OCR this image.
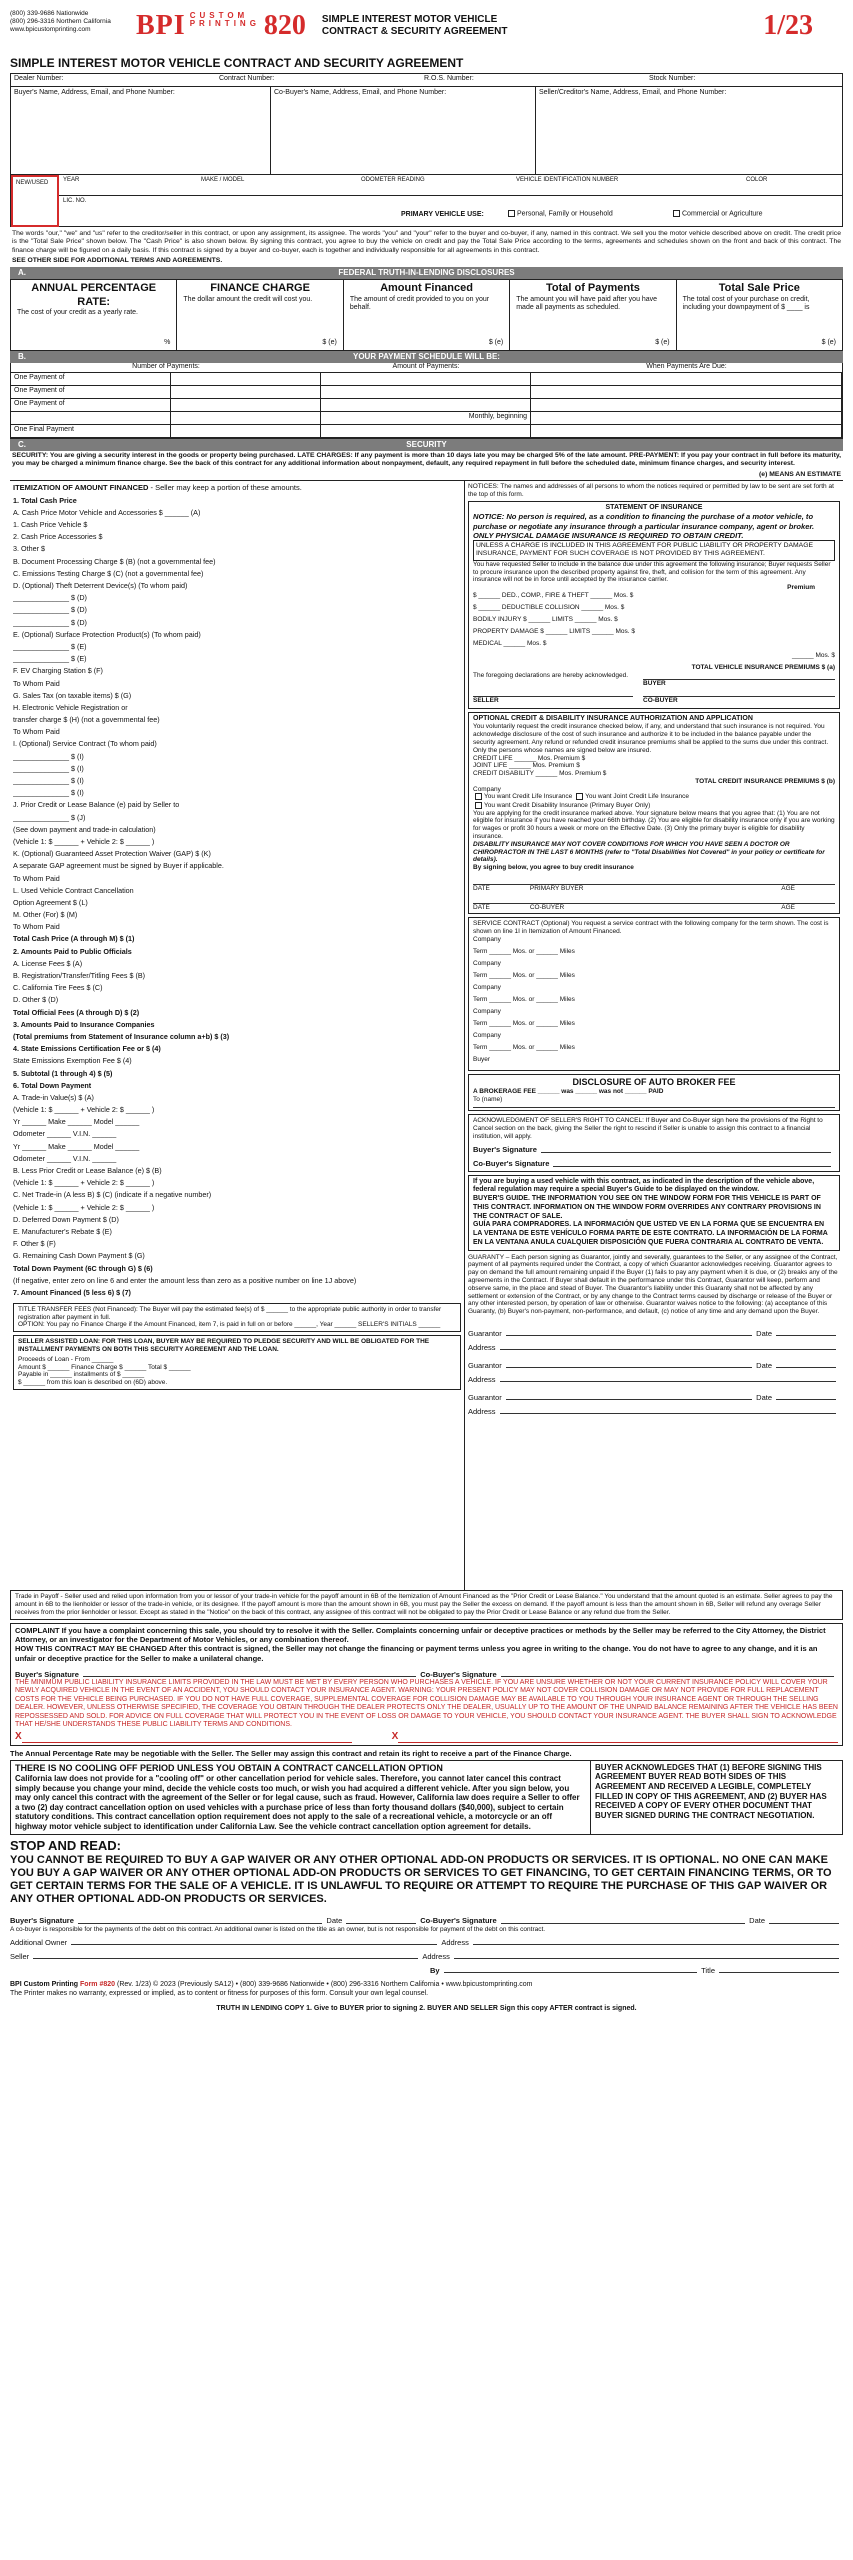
(800) 339-9686 Nationwide
(800) 296-3316 Northern California
www.bpicustomprinting.com	BPI CUSTOM
PRINTING 820 SIMPLE INTEREST MOTOR VEHICLE
CONTRACT & SECURITY AGREEMENT	1/23
SIMPLE INTEREST MOTOR VEHICLE CONTRACT AND SECURITY AGREEMENT
Dealer Number:	Contract Number:	R.O.S. Number:	Stock Number:
Buyer's Name, Address, Email, and Phone Number:	Co-Buyer's Name, Address, Email, and Phone Number:	Seller/Creditor's Name, Address, Email, and Phone Number:
NEW/USED	YEAR	MAKE / MODEL	ODOMETER READING	VEHICLE IDENTIFICATION NUMBER	COLOR
LIC. NO.
PRIMARY VEHICLE USE:	Personal, Family or Household	Commercial or Agriculture
The words "our," "we" and "us" refer to the creditor/seller in this contract, or upon any assignment, its assignee. The words "you" and "your" refer to the buyer and co-buyer, if any, named in this contract. We sell you the motor vehicle described above on credit. The credit price is the "Total Sale Price" shown below. The "Cash Price" is also shown below. By signing this contract, you agree to buy the vehicle on credit and pay the Total Sale Price according to the terms, agreements and schedules shown on the front and back of this contract. The finance charge will be figured on a daily basis. If this contract is signed by a buyer and co-buyer, each is together and individually responsible for all agreements in this contract.
SEE OTHER SIDE FOR ADDITIONAL TERMS AND AGREEMENTS.
A.	FEDERAL TRUTH-IN-LENDING DISCLOSURES
ANNUAL PERCENTAGE RATE:
The cost of your credit as a yearly rate.
%
FINANCE CHARGE
The dollar amount the credit will cost you.
$ (e)
Amount Financed
The amount of credit provided to you on your behalf.
$ (e)
Total of Payments
The amount you will have paid after you have made all payments as scheduled.
$ (e)
Total Sale Price
The total cost of your purchase on credit, including your downpayment of $ ____ is
$ (e)
B.	YOUR PAYMENT SCHEDULE WILL BE:
Number of Payments:	Amount of Payments:	When Payments Are Due:
One Payment of
One Payment of
One Payment of
Monthly, beginning
One Final Payment
C.	SECURITY
SECURITY: You are giving a security interest in the goods or property being purchased. LATE CHARGES: If any payment is more than 10 days late you may be charged 5% of the late amount. PRE-PAYMENT: If you pay your contract in full before its maturity, you may be charged a minimum finance charge. See the back of this contract for any additional information about nonpayment, default, any required repayment in full before the scheduled date, minimum finance charges, and security interest.
(e) MEANS AN ESTIMATE
ITEMIZATION OF AMOUNT FINANCED - Seller may keep a portion of these amounts.
1. Total Cash Price
A. Cash Price Motor Vehicle and Accessories $ ______ (A)
1. Cash Price Vehicle $
2. Cash Price Accessories $
3. Other $
B. Document Processing Charge $ (B) (not a governmental fee)
C. Emissions Testing Charge $ (C) (not a governmental fee)
D. (Optional) Theft Deterrent Device(s) (To whom paid)
______________ $ (D)
______________ $ (D)
______________ $ (D)
E. (Optional) Surface Protection Product(s) (To whom paid)
______________ $ (E)
______________ $ (E)
F. EV Charging Station $ (F)
To Whom Paid
G. Sales Tax (on taxable items) $ (G)
H. Electronic Vehicle Registration or
transfer charge $ (H) (not a governmental fee)
To Whom Paid
I. (Optional) Service Contract (To whom paid)
______________ $ (I)
______________ $ (I)
______________ $ (I)
______________ $ (I)
J. Prior Credit or Lease Balance (e) paid by Seller to
______________ $ (J)
(See down payment and trade-in calculation)
(Vehicle 1: $ ______ + Vehicle 2: $ ______ )
K. (Optional) Guaranteed Asset Protection Waiver (GAP) $ (K)
A separate GAP agreement must be signed by Buyer if applicable.
To Whom Paid
L. Used Vehicle Contract Cancellation
Option Agreement $ (L)
M. Other (For) $ (M)
To Whom Paid
Total Cash Price (A through M) $ (1)
2. Amounts Paid to Public Officials
A. License Fees $ (A)
B. Registration/Transfer/Titling Fees $ (B)
C. California Tire Fees $ (C)
D. Other $ (D)
Total Official Fees (A through D) $ (2)
3. Amounts Paid to Insurance Companies
(Total premiums from Statement of Insurance column a+b) $ (3)
4. State Emissions Certification Fee or $ (4)
State Emissions Exemption Fee $ (4)
5. Subtotal (1 through 4) $ (5)
6. Total Down Payment
A. Trade-in Value(s) $ (A)
(Vehicle 1: $ ______ + Vehicle 2: $ ______ )
Yr ______ Make ______ Model ______
Odometer ______ V.I.N. ______
Yr ______ Make ______ Model ______
Odometer ______ V.I.N. ______
B. Less Prior Credit or Lease Balance (e) $ (B)
(Vehicle 1: $ ______ + Vehicle 2: $ ______ )
C. Net Trade-in (A less B) $ (C) (indicate if a negative number)
(Vehicle 1: $ ______ + Vehicle 2: $ ______ )
D. Deferred Down Payment $ (D)
E. Manufacturer's Rebate $ (E)
F. Other $ (F)
G. Remaining Cash Down Payment $ (G)
Total Down Payment (6C through G) $ (6)
(If negative, enter zero on line 6 and enter the amount less than zero as a positive number on line 1J above)
7. Amount Financed (5 less 6) $ (7)
TITLE TRANSFER FEES (Not Financed): The Buyer will pay the estimated fee(s) of $ ______ to the appropriate public authority in order to transfer registration after payment in full.
OPTION: You pay no Finance Charge if the Amount Financed, item 7, is paid in full on or before ______, Year ______ SELLER'S INITIALS ______
SELLER ASSISTED LOAN: FOR THIS LOAN, BUYER MAY BE REQUIRED TO PLEDGE SECURITY AND WILL BE OBLIGATED FOR THE INSTALLMENT PAYMENTS ON BOTH THIS SECURITY AGREEMENT AND THE LOAN.
Proceeds of Loan - From ______
Amount $ ______ Finance Charge $ ______ Total $ ______
Payable in ______ installments of $ ______
$ ______ from this loan is described on (6D) above.
NOTICES: The names and addresses of all persons to whom the notices required or permitted by law to be sent are set forth at the top of this form.
STATEMENT OF INSURANCE
NOTICE: No person is required, as a condition to financing the purchase of a motor vehicle, to purchase or negotiate any insurance through a particular insurance company, agent or broker. ONLY PHYSICAL DAMAGE INSURANCE IS REQUIRED TO OBTAIN CREDIT.
UNLESS A CHARGE IS INCLUDED IN THIS AGREEMENT FOR PUBLIC LIABILITY OR PROPERTY DAMAGE INSURANCE, PAYMENT FOR SUCH COVERAGE IS NOT PROVIDED BY THIS AGREEMENT.
You have requested Seller to include in the balance due under this agreement the following insurance; Buyer requests Seller to procure insurance upon the described property against fire, theft, and collision for the term of this agreement. Any insurance will not be in force until accepted by the insurance carrier.
Premium
$ ______ DED., COMP., FIRE & THEFT ______ Mos. $
$ ______ DEDUCTIBLE COLLISION ______ Mos. $
BODILY INJURY $ ______ LIMITS ______ Mos. $
PROPERTY DAMAGE $ ______ LIMITS ______ Mos. $
MEDICAL ______ Mos. $
______ Mos. $
TOTAL VEHICLE INSURANCE PREMIUMS $ (a)
The foregoing declarations are hereby acknowledged.
SELLER
BUYER
CO-BUYER
OPTIONAL CREDIT & DISABILITY INSURANCE AUTHORIZATION AND APPLICATION
You voluntarily request the credit insurance checked below, if any, and understand that such insurance is not required. You acknowledge disclosure of the cost of such insurance and authorize it to be included in the balance payable under the security agreement. Any refund or refunded credit insurance premiums shall be applied to the sums due under this contract. Only the persons whose names are signed below are insured.
CREDIT LIFE ______ Mos. Premium $
JOINT LIFE ______ Mos. Premium $
CREDIT DISABILITY ______ Mos. Premium $
TOTAL CREDIT INSURANCE PREMIUMS $ (b)
Company
You want Credit Life Insurance You want Joint Credit Life Insurance
You want Credit Disability Insurance (Primary Buyer Only)
You are applying for the credit insurance marked above. Your signature below means that you agree that: (1) You are not eligible for insurance if you have reached your 66th birthday. (2) You are eligible for disability insurance only if you are working for wages or profit 30 hours a week or more on the Effective Date. (3) Only the primary buyer is eligible for disability insurance.
DISABILITY INSURANCE MAY NOT COVER CONDITIONS FOR WHICH YOU HAVE SEEN A DOCTOR OR CHIROPRACTOR IN THE LAST 6 MONTHS (refer to "Total Disabilities Not Covered" in your policy or certificate for details).
By signing below, you agree to buy credit insurance
DATE	PRIMARY BUYER	AGE
DATE	CO-BUYER	AGE
SERVICE CONTRACT (Optional) You request a service contract with the following company for the term shown. The cost is shown on line 1I in Itemization of Amount Financed.
Company
Term ______ Mos. or ______ Miles
Company
Term ______ Mos. or ______ Miles
Company
Term ______ Mos. or ______ Miles
Company
Term ______ Mos. or ______ Miles
Company
Term ______ Mos. or ______ Miles
Buyer
DISCLOSURE OF AUTO BROKER FEE
A BROKERAGE FEE ______ was ______ was not ______ PAID
To (name)
ACKNOWLEDGMENT OF SELLER'S RIGHT TO CANCEL: If Buyer and Co-Buyer sign here the provisions of the Right to Cancel section on the back, giving the Seller the right to rescind if Seller is unable to assign this contract to a financial institution, will apply.
Buyer's Signature
Co-Buyer's Signature
If you are buying a used vehicle with this contract, as indicated in the description of the vehicle above, federal regulation may require a special Buyer's Guide to be displayed on the window.
BUYER'S GUIDE. THE INFORMATION YOU SEE ON THE WINDOW FORM FOR THIS VEHICLE IS PART OF THIS CONTRACT. INFORMATION ON THE WINDOW FORM OVERRIDES ANY CONTRARY PROVISIONS IN THE CONTRACT OF SALE.
GUÍA PARA COMPRADORES. LA INFORMACIÓN QUE USTED VE EN LA FORMA QUE SE ENCUENTRA EN LA VENTANA DE ESTE VEHÍCULO FORMA PARTE DE ESTE CONTRATO. LA INFORMACIÓN DE LA FORMA EN LA VENTANA ANULA CUALQUIER DISPOSICIÓN QUE FUERA CONTRARIA AL CONTRATO DE VENTA.
GUARANTY – Each person signing as Guarantor, jointly and severally, guarantees to the Seller, or any assignee of the Contract, payment of all payments required under the Contract, a copy of which Guarantor acknowledges receiving. Guarantor agrees to pay on demand the full amount remaining unpaid if the Buyer (1) fails to pay any payment when it is due, or (2) breaks any of the agreements in the Contract. If Buyer shall default in the performance under this Contract, Guarantor will keep, perform and observe same, in the place and stead of Buyer. The Guarantor's liability under this Guaranty shall not be affected by any settlement or extension of the Contract, or by any change to the Contract terms caused by discharge or release of the Buyer or any other interested person, by operation of law or otherwise. Guarantor waives notice to the following: (a) acceptance of this Guaranty, (b) Buyer's non-payment, non-performance, and default, (c) notice of any time and any demand upon the Buyer.
Guarantor	Date
Address
Guarantor	Date
Address
Guarantor	Date
Address
Trade in Payoff - Seller used and relied upon information from you or lessor of your trade-in vehicle for the payoff amount in 6B of the Itemization of Amount Financed as the "Prior Credit or Lease Balance." You understand that the amount quoted is an estimate. Seller agrees to pay the amount in 6B to the lienholder or lessor of the trade-in vehicle, or its designee. If the payoff amount is more than the amount shown in 6B, you must pay the Seller the excess on demand. If the payoff amount is less than the amount shown in 6B, Seller will refund any overage Seller receives from the prior lienholder or lessor. Except as stated in the "Notice" on the back of this contract, any assignee of this contract will not be obligated to pay the Prior Credit or Lease Balance or any refund due from the Seller.
COMPLAINT If you have a complaint concerning this sale, you should try to resolve it with the Seller. Complaints concerning unfair or deceptive practices or methods by the Seller may be referred to the City Attorney, the District Attorney, or an investigator for the Department of Motor Vehicles, or any combination thereof.
HOW THIS CONTRACT MAY BE CHANGED After this contract is signed, the Seller may not change the financing or payment terms unless you agree in writing to the change. You do not have to agree to any change, and it is an unfair or deceptive practice for the Seller to make a unilateral change.
Buyer's Signature	Co-Buyer's Signature
THE MINIMUM PUBLIC LIABILITY INSURANCE LIMITS PROVIDED IN THE LAW MUST BE MET BY EVERY PERSON WHO PURCHASES A VEHICLE. IF YOU ARE UNSURE WHETHER OR NOT YOUR CURRENT INSURANCE POLICY WILL COVER YOUR NEWLY ACQUIRED VEHICLE IN THE EVENT OF AN ACCIDENT, YOU SHOULD CONTACT YOUR INSURANCE AGENT. WARNING: YOUR PRESENT POLICY MAY NOT COVER COLLISION DAMAGE OR MAY NOT PROVIDE FOR FULL REPLACEMENT COSTS FOR THE VEHICLE BEING PURCHASED. IF YOU DO NOT HAVE FULL COVERAGE, SUPPLEMENTAL COVERAGE FOR COLLISION DAMAGE MAY BE AVAILABLE TO YOU THROUGH YOUR INSURANCE AGENT OR THROUGH THE SELLING DEALER. HOWEVER, UNLESS OTHERWISE SPECIFIED, THE COVERAGE YOU OBTAIN THROUGH THE DEALER PROTECTS ONLY THE DEALER, USUALLY UP TO THE AMOUNT OF THE UNPAID BALANCE REMAINING AFTER THE VEHICLE HAS BEEN REPOSSESSED AND SOLD. FOR ADVICE ON FULL COVERAGE THAT WILL PROTECT YOU IN THE EVENT OF LOSS OR DAMAGE TO YOUR VEHICLE, YOU SHOULD CONTACT YOUR INSURANCE AGENT. THE BUYER SHALL SIGN TO ACKNOWLEDGE THAT HE/SHE UNDERSTANDS THESE PUBLIC LIABILITY TERMS AND CONDITIONS.
X	X
The Annual Percentage Rate may be negotiable with the Seller. The Seller may assign this contract and retain its right to receive a part of the Finance Charge.
THERE IS NO COOLING OFF PERIOD UNLESS YOU OBTAIN A CONTRACT CANCELLATION OPTION
California law does not provide for a "cooling off" or other cancellation period for vehicle sales. Therefore, you cannot later cancel this contract simply because you change your mind, decide the vehicle costs too much, or wish you had acquired a different vehicle. After you sign below, you may only cancel this contract with the agreement of the Seller or for legal cause, such as fraud. However, California law does require a Seller to offer a two (2) day contract cancellation option on used vehicles with a purchase price of less than forty thousand dollars ($40,000), subject to certain statutory conditions. This contract cancellation option requirement does not apply to the sale of a recreational vehicle, a motorcycle or an off highway motor vehicle subject to identification under California Law. See the vehicle contract cancellation option agreement for details.
BUYER ACKNOWLEDGES THAT (1) BEFORE SIGNING THIS AGREEMENT BUYER READ BOTH SIDES OF THIS AGREEMENT AND RECEIVED A LEGIBLE, COMPLETELY FILLED IN COPY OF THIS AGREEMENT, AND (2) BUYER HAS RECEIVED A COPY OF EVERY OTHER DOCUMENT THAT BUYER SIGNED DURING THE CONTRACT NEGOTIATION.
STOP AND READ:
YOU CANNOT BE REQUIRED TO BUY A GAP WAIVER OR ANY OTHER OPTIONAL ADD-ON PRODUCTS OR SERVICES. IT IS OPTIONAL. NO ONE CAN MAKE YOU BUY A GAP WAIVER OR ANY OTHER OPTIONAL ADD-ON PRODUCTS OR SERVICES TO GET FINANCING, TO GET CERTAIN FINANCING TERMS, OR TO GET CERTAIN TERMS FOR THE SALE OF A VEHICLE. IT IS UNLAWFUL TO REQUIRE OR ATTEMPT TO REQUIRE THE PURCHASE OF THIS GAP WAIVER OR ANY OTHER OPTIONAL ADD-ON PRODUCTS OR SERVICES.
Buyer's Signature	Date	Co-Buyer's Signature	Date
A co-buyer is responsible for the payments of the debt on this contract. An additional owner is listed on the title as an owner, but is not responsible for payment of the debt on this contract.
Additional Owner	Address
Seller	Address
By	Title
BPI Custom Printing Form #820 (Rev. 1/23) © 2023 (Previously SA12) • (800) 339-9686 Nationwide • (800) 296-3316 Northern California • www.bpicustomprinting.com
The Printer makes no warranty, expressed or implied, as to content or fitness for purposes of this form. Consult your own legal counsel.
TRUTH IN LENDING COPY 1. Give to BUYER prior to signing 2. BUYER AND SELLER Sign this copy AFTER contract is signed.
